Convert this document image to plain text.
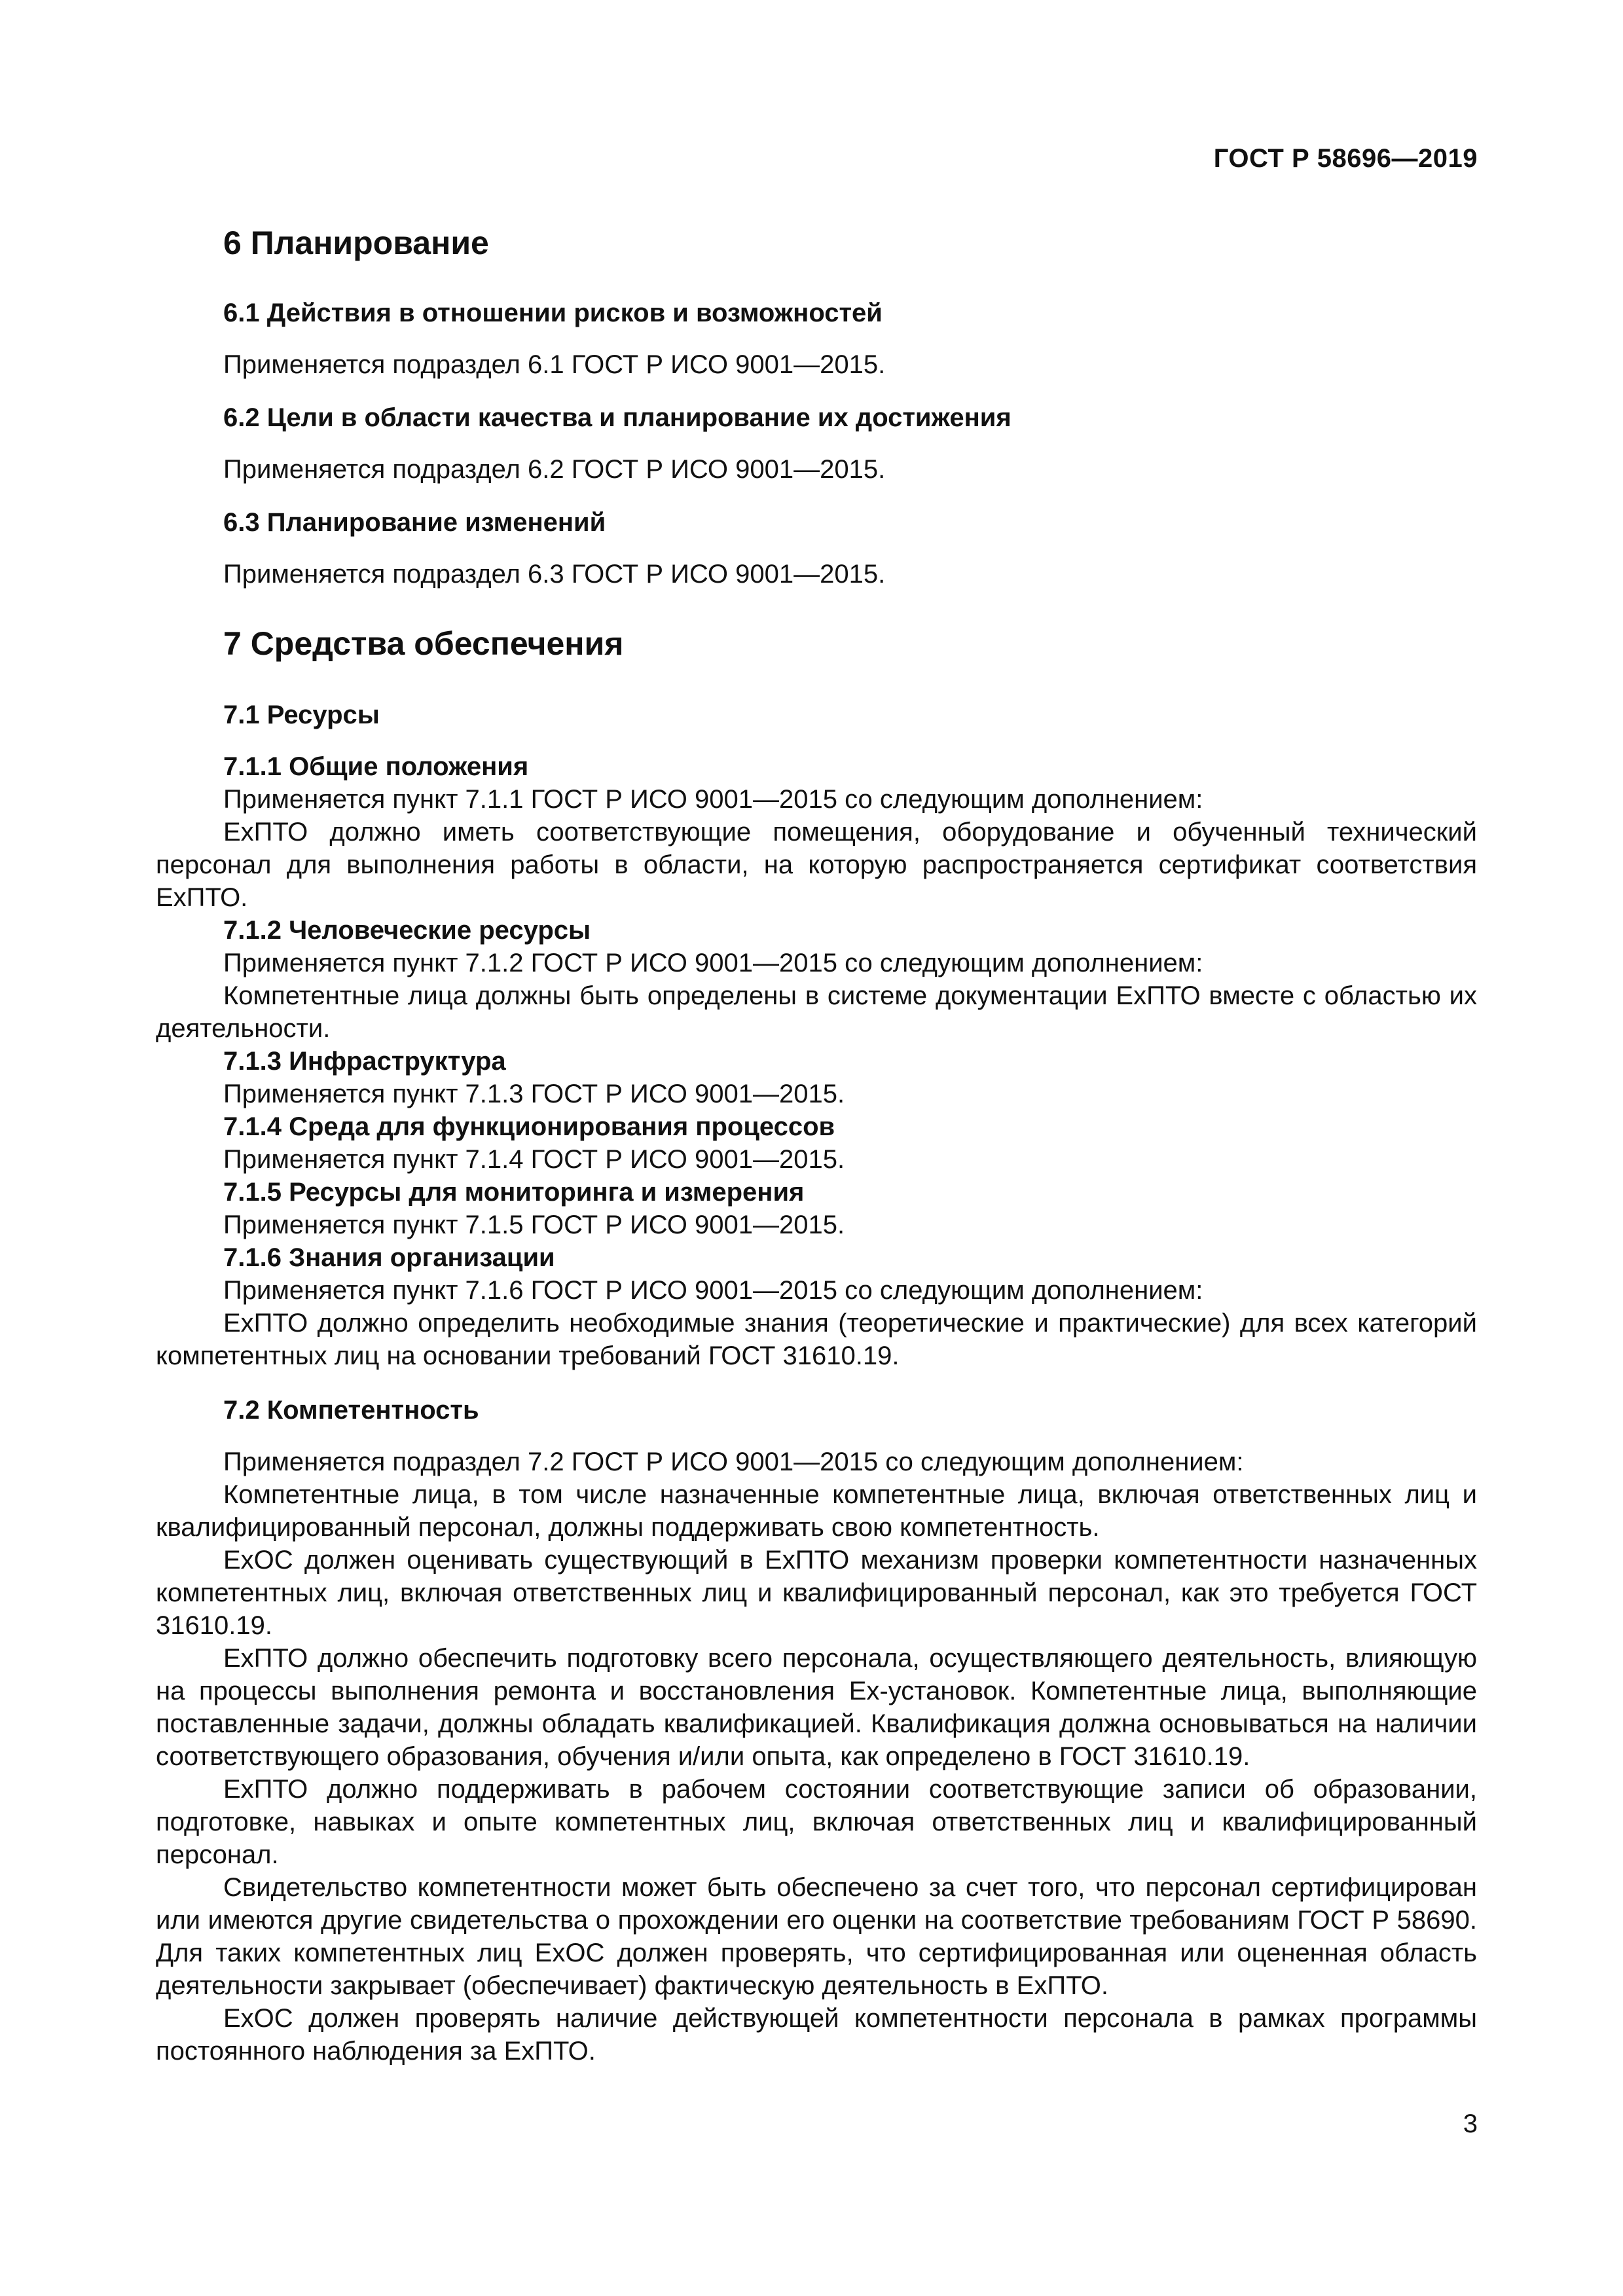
ГОСТ Р 58696—2019
6 Планирование
6.1 Действия в отношении рисков и возможностей

Применяется подраздел 6.1 ГОСТ Р ИСО 9001—2015.

6.2 Цели в области качества и планирование их достижения

Применяется подраздел 6.2 ГОСТ Р ИСО 9001—2015.

6.3 Планирование изменений

Применяется подраздел 6.3 ГОСТ Р ИСО 9001—2015.

7 Средства обеспечения
7.1 Ресурсы
7.1.1 Общие положения

Применяется пункт 7.1.1 ГОСТ Р ИСО 9001—2015 со следующим дополнением:

ExПТО должно иметь соответствующие помещения, оборудование и обученный технический персонал для выполнения работы в области, на которую распространяется сертификат соответствия ExПТО.

7.1.2 Человеческие ресурсы

Применяется пункт 7.1.2 ГОСТ Р ИСО 9001—2015 со следующим дополнением:

Компетентные лица должны быть определены в системе документации ExПТО вместе с областью их деятельности.

7.1.3 Инфраструктура

Применяется пункт 7.1.3 ГОСТ Р ИСО 9001—2015.

7.1.4 Среда для функционирования процессов

Применяется пункт 7.1.4 ГОСТ Р ИСО 9001—2015.

7.1.5 Ресурсы для мониторинга и измерения

Применяется пункт 7.1.5 ГОСТ Р ИСО 9001—2015.

7.1.6 Знания организации

Применяется пункт 7.1.6 ГОСТ Р ИСО 9001—2015 со следующим дополнением:

ExПТО должно определить необходимые знания (теоретические и практические) для всех категорий компетентных лиц на основании требований ГОСТ 31610.19.

7.2 Компетентность

Применяется подраздел 7.2 ГОСТ Р ИСО 9001—2015 со следующим дополнением:

Компетентные лица, в том числе назначенные компетентные лица, включая ответственных лиц и квалифицированный персонал, должны поддерживать свою компетентность.

ExОС должен оценивать существующий в ExПТО механизм проверки компетентности назначенных компетентных лиц, включая ответственных лиц и квалифицированный персонал, как это требуется ГОСТ 31610.19.

ExПТО должно обеспечить подготовку всего персонала, осуществляющего деятельность, влияющую на процессы выполнения ремонта и восстановления Ex-установок. Компетентные лица, выполняющие поставленные задачи, должны обладать квалификацией. Квалификация должна основываться на наличии соответствующего образования, обучения и/или опыта, как определено в ГОСТ 31610.19.

ExПТО должно поддерживать в рабочем состоянии соответствующие записи об образовании, подготовке, навыках и опыте компетентных лиц, включая ответственных лиц и квалифицированный персонал.

Свидетельство компетентности может быть обеспечено за счет того, что персонал сертифицирован или имеются другие свидетельства о прохождении его оценки на соответствие требованиям ГОСТ Р 58690. Для таких компетентных лиц ExОС должен проверять, что сертифицированная или оцененная область деятельности закрывает (обеспечивает) фактическую деятельность в ExПТО.

ExОС должен проверять наличие действующей компетентности персонала в рамках программы постоянного наблюдения за ExПТО.

3
